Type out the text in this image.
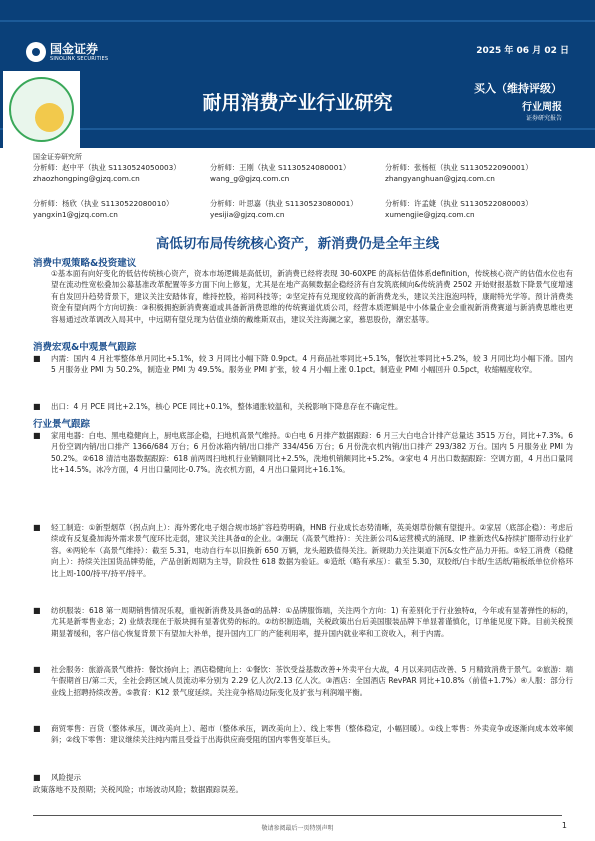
国金证券
SINOLINK SECURITIES
2025 年 06 月 02 日
耐用消费产业行业研究
买入（维持评级）
行业周报
证券研究报告
国金证券研究所
分析师：赵中平（执业 S1130524050003）
zhaozhongping@gjzq.com.cn
分析师：王刚（执业 S1130524080001）
wang_g@gjzq.com.cn
分析师：张杨桓（执业 S1130522090001）
zhangyanghuan@gjzq.com.cn
分析师：杨欣（执业 S1130522080010）
yangxin1@gjzq.com.cn
分析师：叶思嘉（执业 S1130523080001）
yesijia@gjzq.com.cn
分析师：许孟婕（执业 S1130522080003）
xumengjie@gjzq.com.cn
高低切布局传统核心资产，新消费仍是全年主线
消费中观策略&投资建议
①基本面有向好变化的低估传统核心资产，资本市场逻辑是高低切，新消费已经将表现 30-60XPE 的高标估值体系definition，传统核心资产的估值水位也有望在流动性宽松叠加公募基准改革配置等多方面下向上修复，尤其是在地产高频数据企稳经济有自发筑底倾向&传统消费 2502 开始财报基数下降景气度增速有自发回升趋势背景下，建议关注安踏体育，维持控股，裕同科技等；②坚定持有兑现度较高的新消费龙头，建议关注泡泡玛特，康耐特光学等。预计消费类资金有望向两个方向切换：③积极拥抱新消费赛道或具备新消费思维的传统赛道优质公司，经营本质逻辑是中小体量企业会重视新消费赛道与新消费思维也更容易通过改革调改入局其中，中远期有望兑现为估值业绩的戴维斯双击，建议关注海澜之家，慕思股份，潮宏基等。
消费宏观&中观景气跟踪
■ 内需：国内 4 月社零整体单月同比+5.1%，较 3 月同比小幅下降 0.9pct。4 月商品社零同比+5.1%，餐饮社零同比+5.2%，较 3 月同比均小幅下滑。国内 5 月服务业 PMI 为 50.2%，制造业 PMI 为 49.5%。服务业 PMI 扩张，较 4 月小幅上涨 0.1pct。制造业 PMI 小幅回升 0.5pct，收缩幅度收窄。
■ 出口：4 月 PCE 同比+2.1%，核心 PCE 同比+0.1%，整体通胀较温和，关税影响下降息存在不确定性。
行业景气跟踪
■ 家用电器：白电、黑电稳健向上，厨电底部企稳，扫地机高景气维持。①白电 6 月排产数据跟踪：6 月三大白电合计排产总量达 3515 万台，同比+7.3%。6 月份空调内销/出口排产 1366/684 万台；6 月份冰箱内销/出口排产 334/456 万台；6 月份洗衣机内销/出口排产 293/382 万台。国内 5 月服务业 PMI 为 50.2%。②618 清洁电器数据跟踪：618 前两周扫地机行业销额同比+2.5%，洗地机销额同比+5.2%。③家电 4 月出口数据跟踪：空调方面，4 月出口量同比+14.5%。冰冷方面，4 月出口量同比-0.7%。洗衣机方面，4 月出口量同比+16.1%。
■ 轻工制造：①新型烟草（拐点向上）：海外雾化电子烟合规市场扩容趋势明确，HNB 行业成长态势清晰，英美烟草份额有望提升。②家居（底部企稳）：考虑后续或有反复叠加海外需求景气度环比走弱，建议关注具备α的企业。③潮玩（高景气维持）：关注新公司&运营模式的涌现、IP 推新迭代&持续扩圈带动行业扩容。④两轮车（高景气维持）：截至 5.31，电动自行车以旧换新 650 万辆，龙头超跌值得关注。新规助力关注渠道下沉&女性产品力开拓。⑤轻工消费（稳健向上）：持续关注国货品牌势能，产品创新周期为主导，阶段性 618 数据为验证。⑥造纸（略有承压）：截至 5.30，双胶纸/白卡纸/生活纸/箱板纸单位价格环比上周-100/持平/持平/持平。
■ 纺织服装：618 第一周期销售情况乐观，重视新消费及具备α的品牌：①品牌服饰端，关注两个方向：1) 有差别化于行业独特α，今年或有显著弹性的标的，尤其是新零售业态；2) 业绩表现在于版块拥有显著优势的标的。②纺织制造端，关税政策出台后美国服装品牌下单显著谨慎化，订单能见度下降。目前关税预期显著缓和，客户信心恢复背景下有望加大补单，提升国内工厂的产能利用率，提升国内就业率和工资收入，利于内需。
■ 社会服务：旅游高景气维持：餐饮扬向上；酒店稳健向上：①餐饮：茶饮受益基数改善+外卖平台大战，4 月以来同店改善、5 月精致消费于景气。②旅游：端午假期首日/第二天，全社会跨区域人员流动率分别为 2.29 亿人次/2.13 亿人次。③酒店：全国酒店 RevPAR 同比+10.8%（前值+1.7%）④人服：部分行业线上招聘持续改善。⑤教育：K12 景气度延续。关注竞争格局边际变化及扩张与利润端平衡。
■ 商贸零售：百货（整体承压，调改美向上）、超市（整体承压，调改美向上）、线上零售（整体稳定，小幅回暖）。①线上零售：外卖竞争或逐渐向成本效率倾斜；②线下零售：建议继续关注纯内需且受益于出海供应商受阻的国内零售变革巨头。
■ 风险提示
政策落地不及预期；关税风险；市场波动风险；数据跟踪误差。
敬请参阅最后一页特别声明	1
